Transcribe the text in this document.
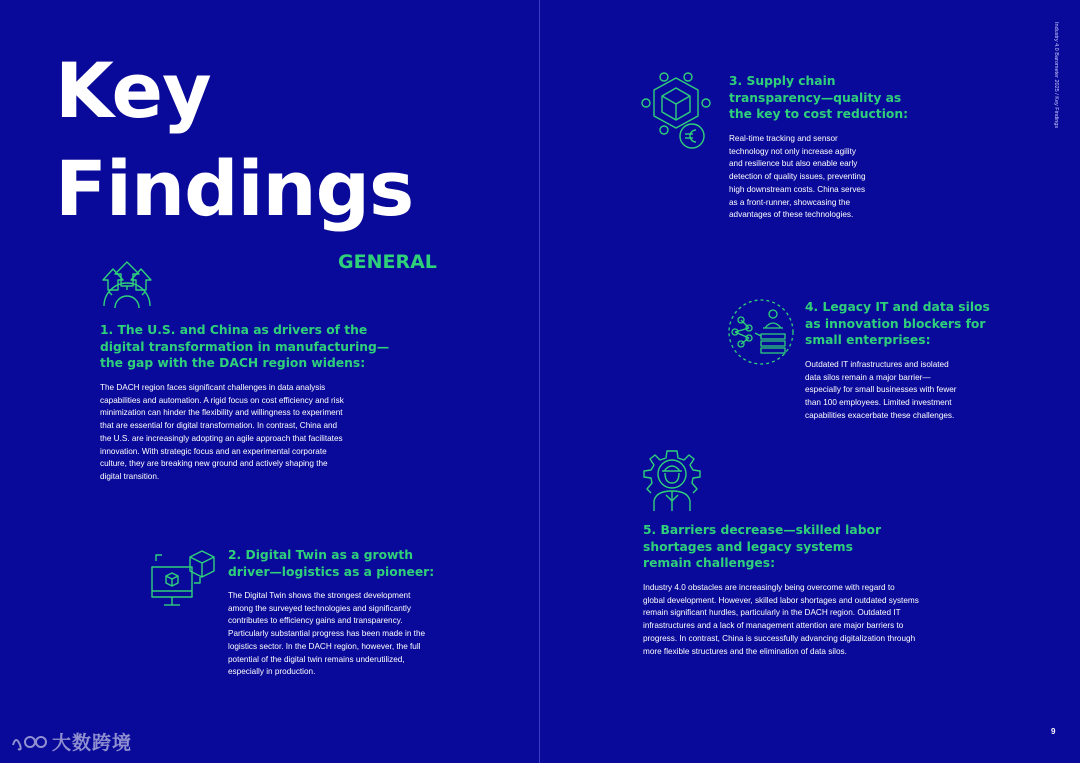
Key
Findings
GENERAL
1. The U.S. and China as drivers of the
digital transformation in manufacturing—
the gap with the DACH region widens:

The DACH region faces significant challenges in data analysis
capabilities and automation. A rigid focus on cost efficiency and risk
minimization can hinder the flexibility and willingness to experiment
that are essential for digital transformation. In contrast, China and
the U.S. are increasingly adopting an agile approach that facilitates
innovation. With strategic focus and an experimental corporate
culture, they are breaking new ground and actively shaping the
digital transition.

2. Digital Twin as a growth
driver—logistics as a pioneer:

The Digital Twin shows the strongest development
among the surveyed technologies and significantly
contributes to efficiency gains and transparency.
Particularly substantial progress has been made in the
logistics sector. In the DACH region, however, the full
potential of the digital twin remains underutilized,
especially in production.

3. Supply chain
transparency—quality as
the key to cost reduction:

Real-time tracking and sensor
technology not only increase agility
and resilience but also enable early
detection of quality issues, preventing
high downstream costs. China serves
as a front-runner, showcasing the
advantages of these technologies.

4. Legacy IT and data silos
as innovation blockers for
small enterprises:

Outdated IT infrastructures and isolated
data silos remain a major barrier—
especially for small businesses with fewer
than 100 employees. Limited investment
capabilities exacerbate these challenges.

5. Barriers decrease—skilled labor
shortages and legacy systems
remain challenges:

Industry 4.0 obstacles are increasingly being overcome with regard to
global development. However, skilled labor shortages and outdated systems
remain significant hurdles, particularly in the DACH region. Outdated IT
infrastructures and a lack of management attention are major barriers to
progress. In contrast, China is successfully advancing digitalization through
more flexible structures and the elimination of data silos.

Industry 4.0 Barometer 2025 / Key Findings
9
大数跨境
